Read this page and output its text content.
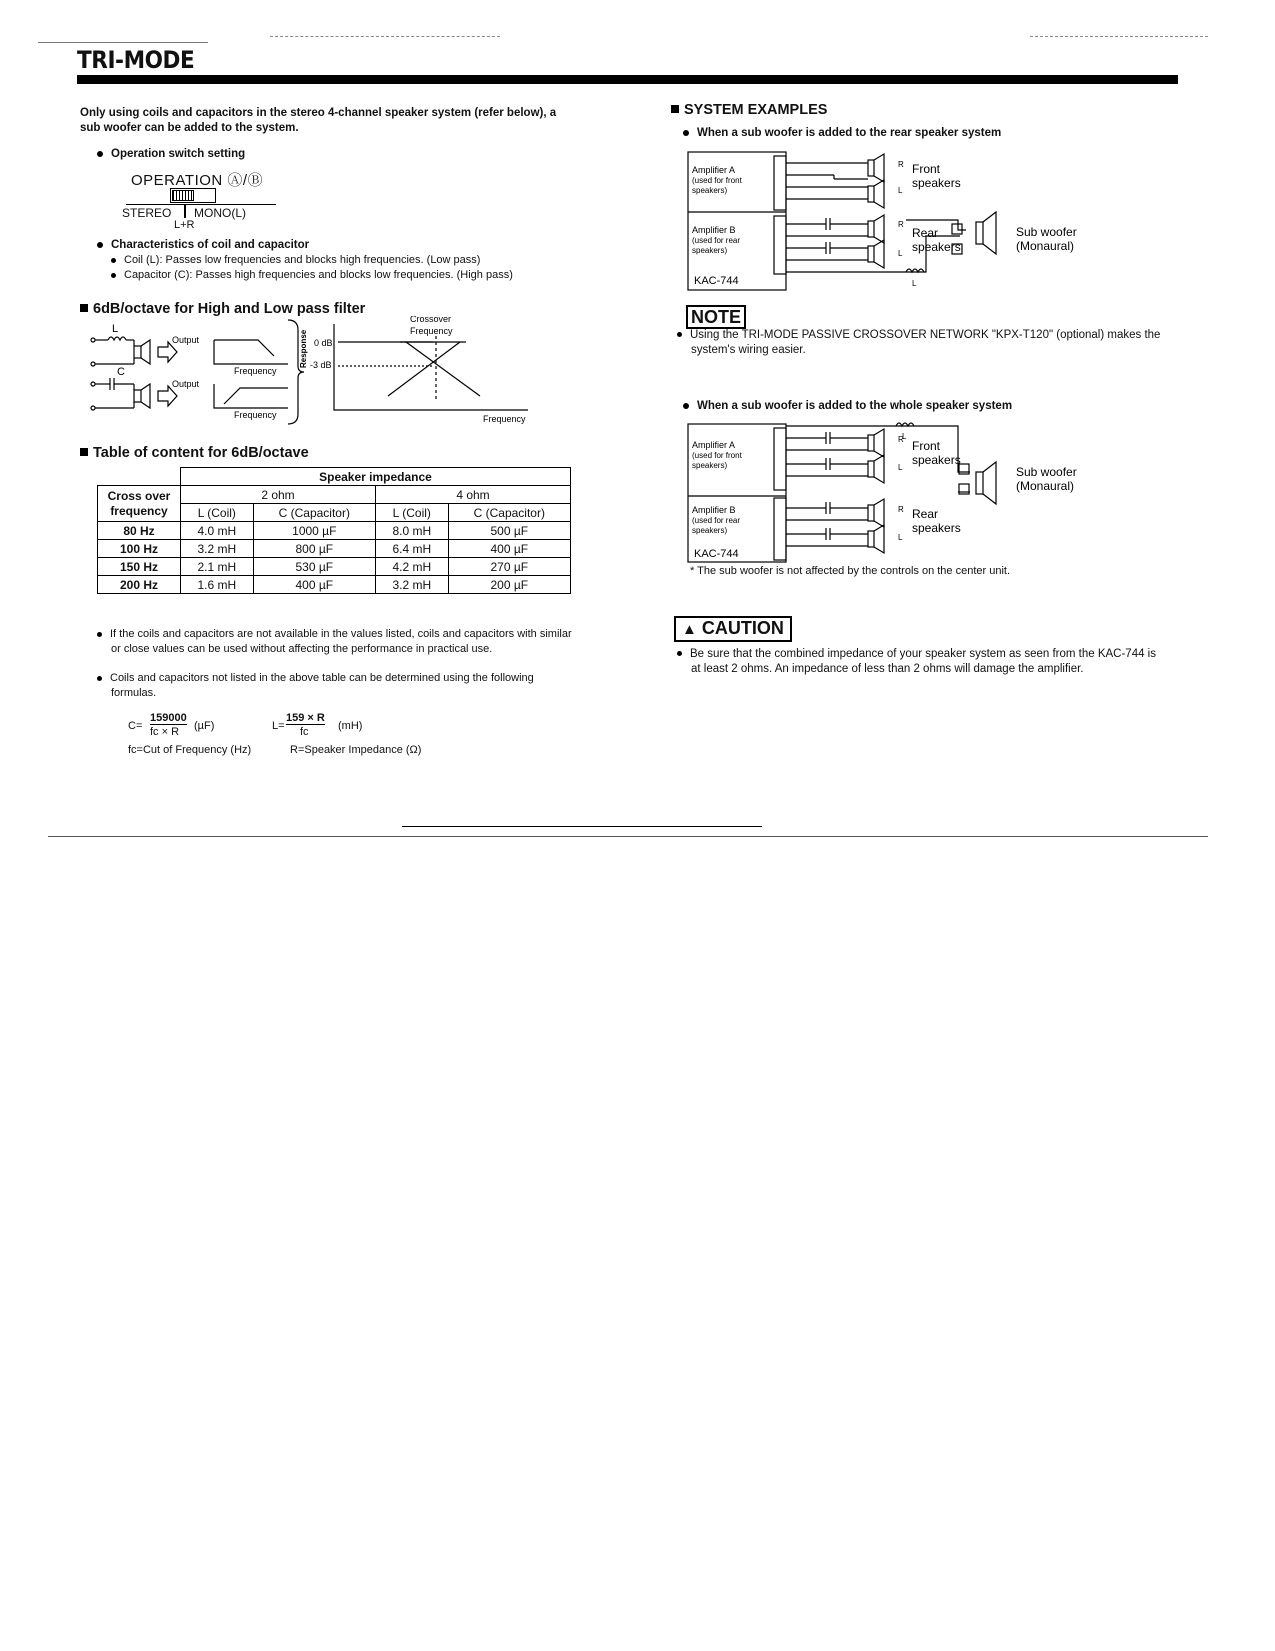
TRI-MODE
Only using coils and capacitors in the stereo 4-channel speaker system (refer below), a sub woofer can be added to the system.
Operation switch setting
OPERATION Ⓐ/Ⓑ
STEREO MONO(L)
L+R
Characteristics of coil and capacitor
Coil (L): Passes low frequencies and blocks high frequencies. (Low pass)
Capacitor (C): Passes high frequencies and blocks low frequencies. (High pass)
6dB/octave for High and Low pass filter
L
C
Output
Output
Frequency
Frequency
Response 0 dB
-3 dB
Crossover
Frequency
Frequency
Table of content for 6dB/octave
	Speaker impedance			
Cross over
frequency	2 ohm		4 ohm	
	L (Coil)	C (Capacitor)	L (Coil)	C (Capacitor)
80 Hz	4.0 mH	1000 µF	8.0 mH	500 µF
100 Hz	3.2 mH	800 µF	6.4 mH	400 µF
150 Hz	2.1 mH	530 µF	4.2 mH	270 µF
200 Hz	1.6 mH	400 µF	3.2 mH	200 µF
If the coils and capacitors are not available in the values listed, coils and capacitors with similar or close values can be used without affecting the performance in practical use.
Coils and capacitors not listed in the above table can be determined using the following formulas.
C=
159000
fc × R (µF)	L=
159 × R
fc	(mH)
fc=Cut of Frequency (Hz)	R=Speaker Impedance (Ω)
SYSTEM EXAMPLES
When a sub woofer is added to the rear speaker system
Amplifier A
(used for front
speakers)
Amplifier B
(used for rear
speakers)
KAC-744
R
L
Front
speakers
R
L
Rear
speakers
Sub woofer
(Monaural)
L
NOTE
Using the TRI-MODE PASSIVE CROSSOVER NETWORK "KPX-T120" (optional) makes the system's wiring easier.
When a sub woofer is added to the whole speaker system
Amplifier B
(used for rear
speakers)
Amplifier A
(used for front
speakers)
KAC-744
R
L
Front
speakers
R
L
Rear
speakers
Sub woofer
(Monaural)
L
* The sub woofer is not affected by the controls on the center unit.
▲ CAUTION
Be sure that the combined impedance of your speaker system as seen from the KAC-744 is at least 2 ohms. An impedance of less than 2 ohms will damage the amplifier.
